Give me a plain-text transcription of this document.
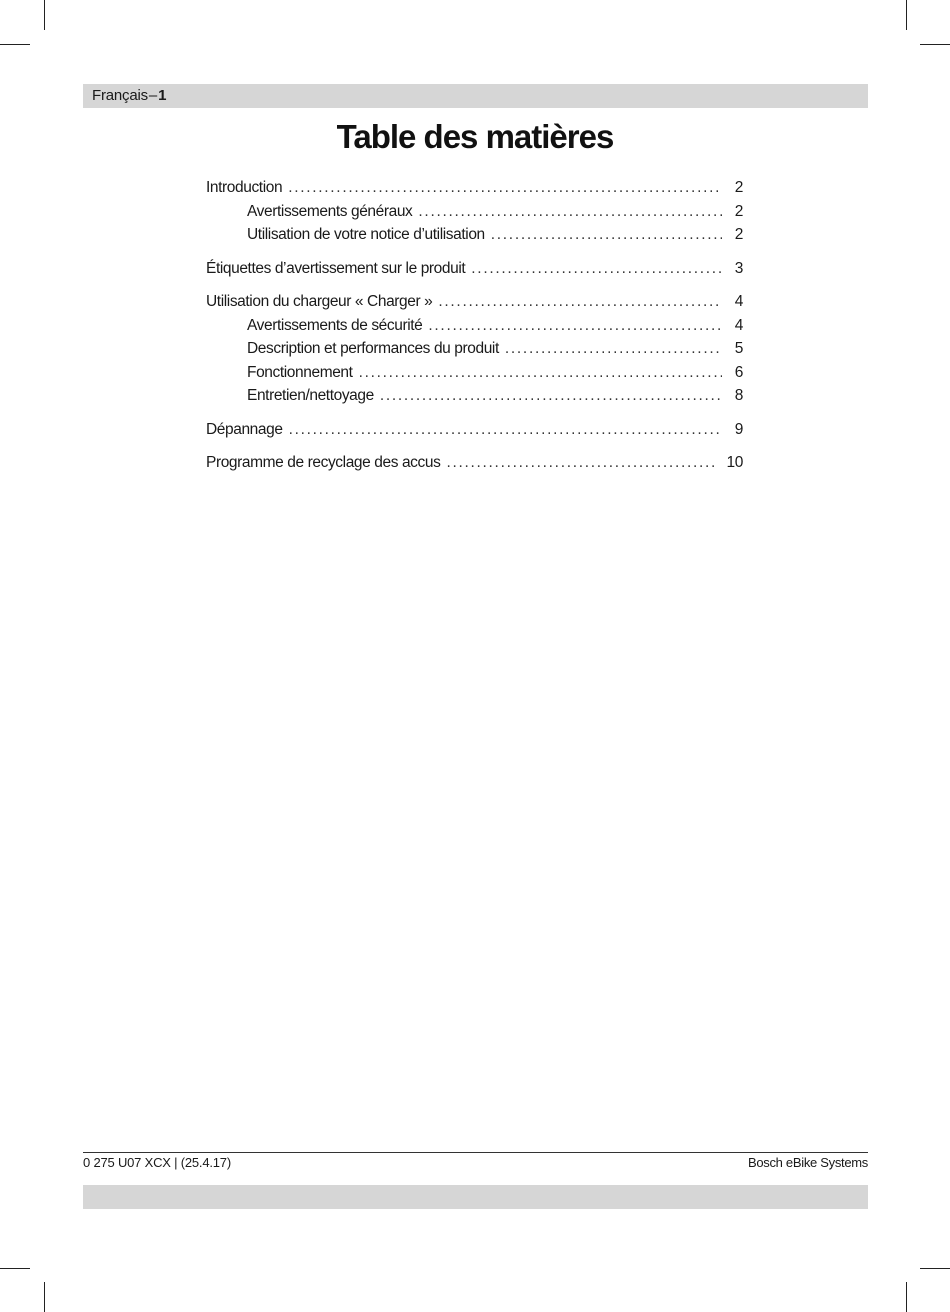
Français–1
Table des matières
Introduction . . .	2
Avertissements généraux . . .	2
Utilisation de votre notice d’utilisation . . .	2
Étiquettes d’avertissement sur le produit . . .	3
Utilisation du chargeur « Charger » . . .	4
Avertissements de sécurité . . .	4
Description et performances du produit . . .	5
Fonctionnement . . .	6
Entretien/nettoyage . . .	8
Dépannage . . .	9
Programme de recyclage des accus . . .	10
0 275 U07 XCX | (25.4.17)	Bosch eBike Systems
